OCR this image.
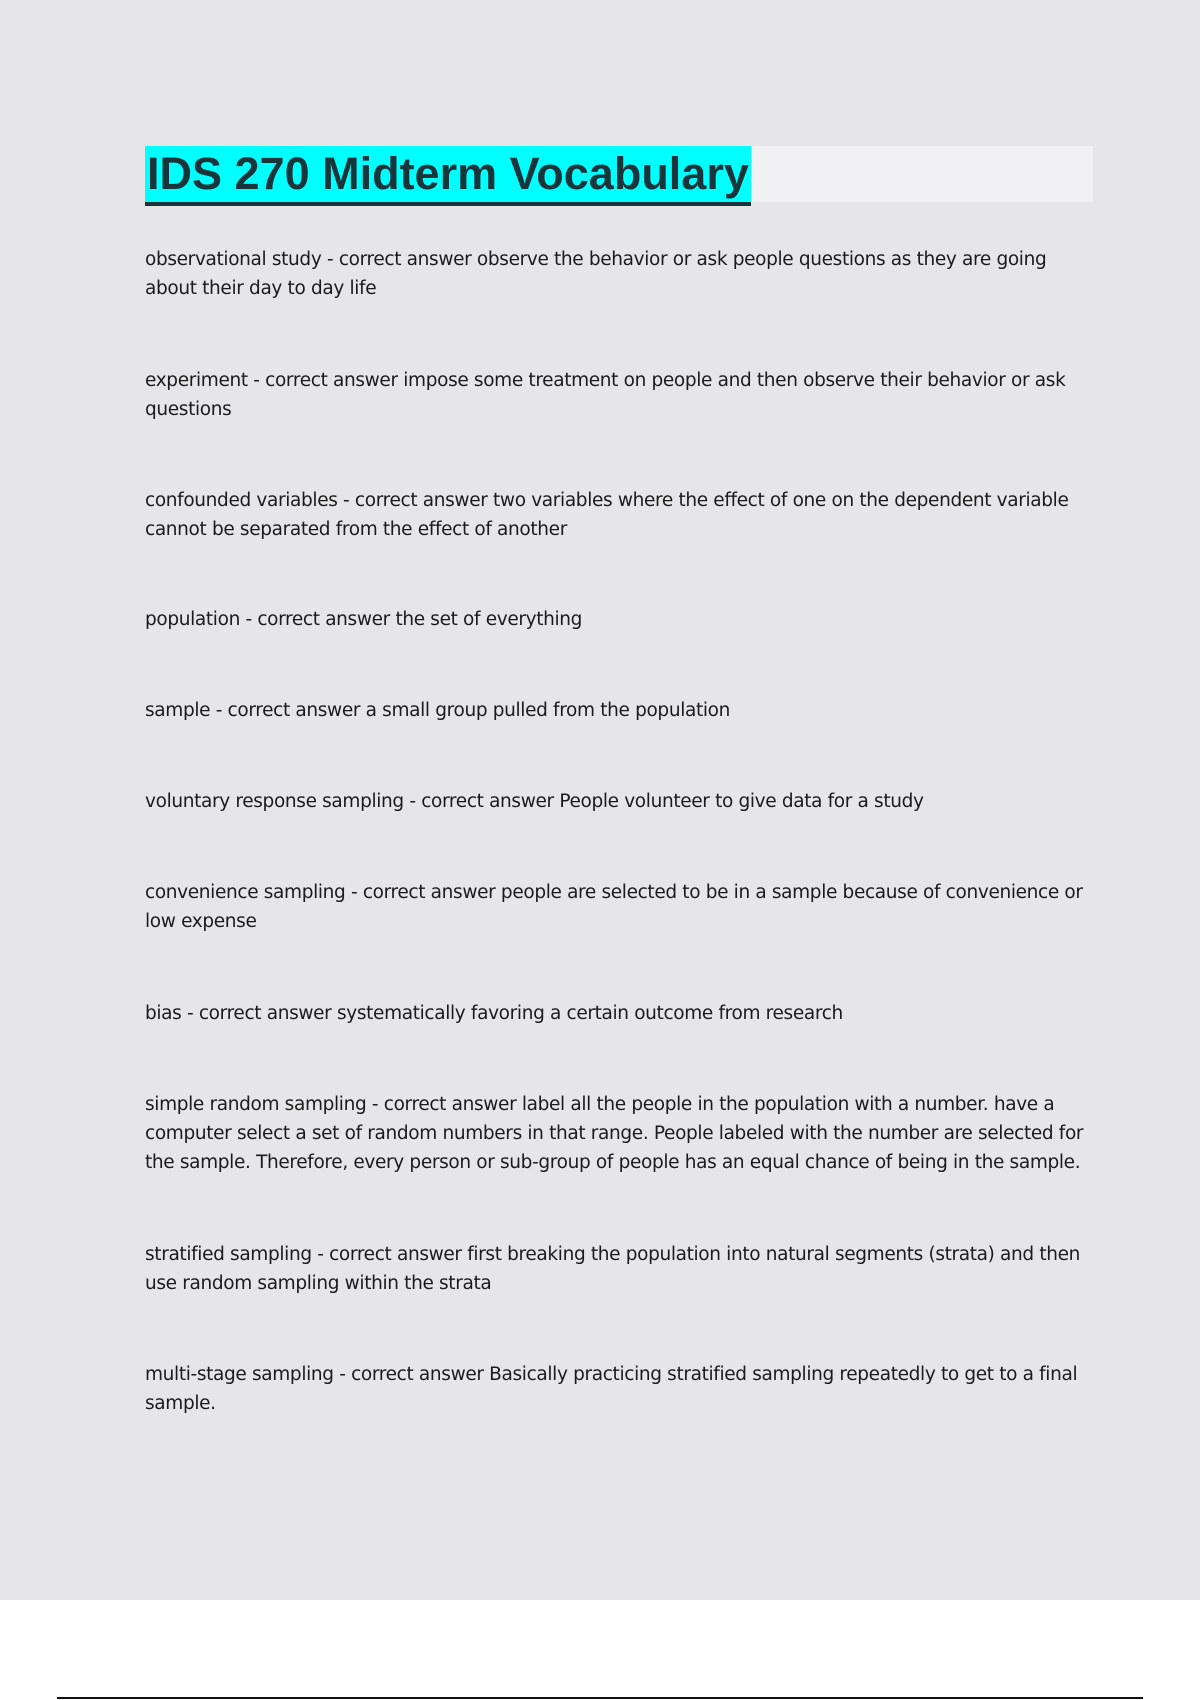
IDS 270 Midterm Vocabulary

observational study - correct answer observe the behavior or ask people questions as they are going about their day to day life

experiment - correct answer impose some treatment on people and then observe their behavior or ask questions

confounded variables - correct answer two variables where the effect of one on the dependent variable cannot be separated from the effect of another

population - correct answer the set of everything

sample - correct answer a small group pulled from the population

voluntary response sampling - correct answer People volunteer to give data for a study

convenience sampling - correct answer people are selected to be in a sample because of convenience or low expense

bias - correct answer systematically favoring a certain outcome from research

simple random sampling - correct answer label all the people in the population with a number. have a computer select a set of random numbers in that range. People labeled with the number are selected for the sample. Therefore, every person or sub-group of people has an equal chance of being in the sample.

stratified sampling - correct answer first breaking the population into natural segments (strata) and then use random sampling within the strata

multi-stage sampling - correct answer Basically practicing stratified sampling repeatedly to get to a final sample.
